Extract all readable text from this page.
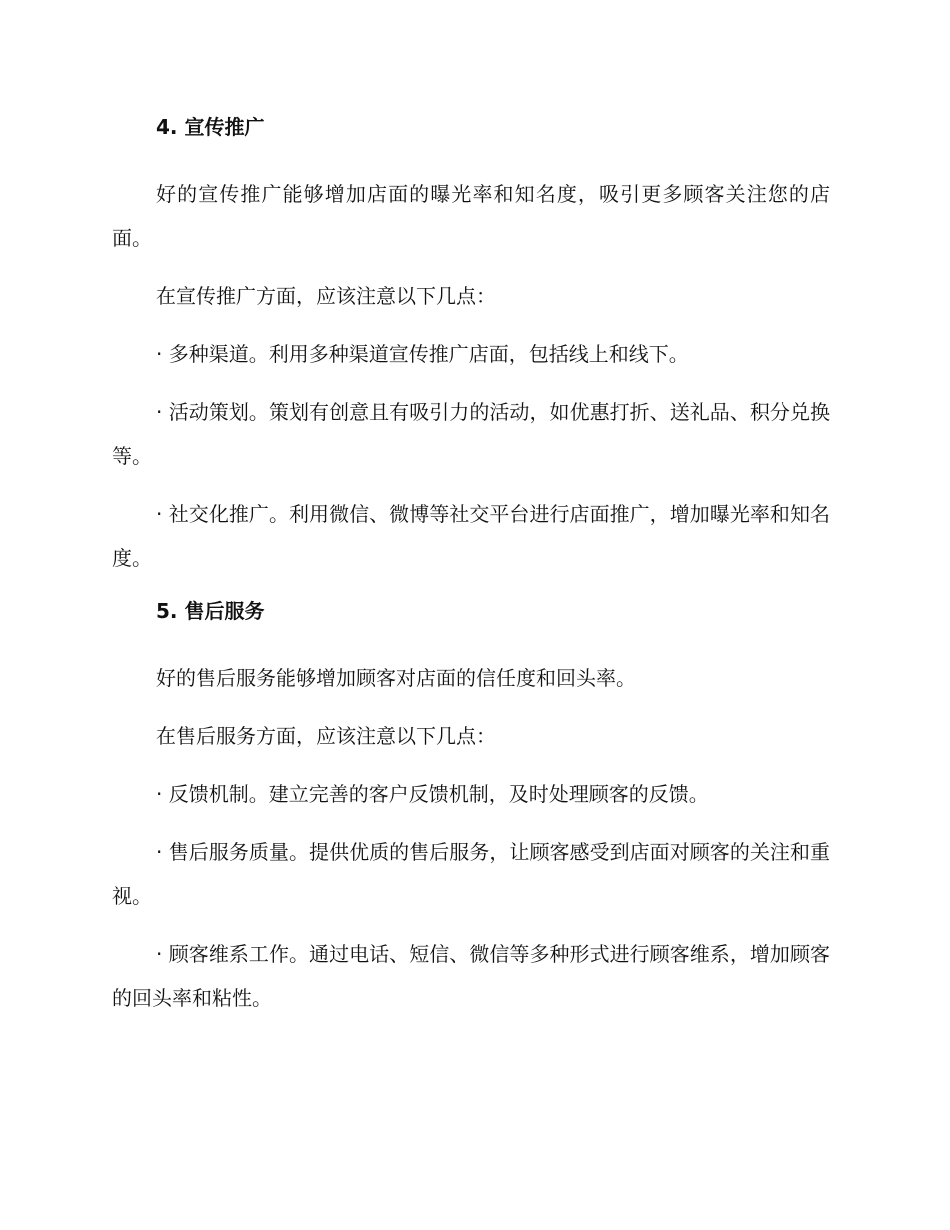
4. 宣传推广

好的宣传推广能够增加店面的曝光率和知名度，吸引更多顾客关注您的店面。

在宣传推广方面，应该注意以下几点：

· 多种渠道。利用多种渠道宣传推广店面，包括线上和线下。

· 活动策划。策划有创意且有吸引力的活动，如优惠打折、送礼品、积分兑换等。

· 社交化推广。利用微信、微博等社交平台进行店面推广，增加曝光率和知名度。

5. 售后服务

好的售后服务能够增加顾客对店面的信任度和回头率。

在售后服务方面，应该注意以下几点：

· 反馈机制。建立完善的客户反馈机制，及时处理顾客的反馈。

· 售后服务质量。提供优质的售后服务，让顾客感受到店面对顾客的关注和重视。

· 顾客维系工作。通过电话、短信、微信等多种形式进行顾客维系，增加顾客的回头率和粘性。
